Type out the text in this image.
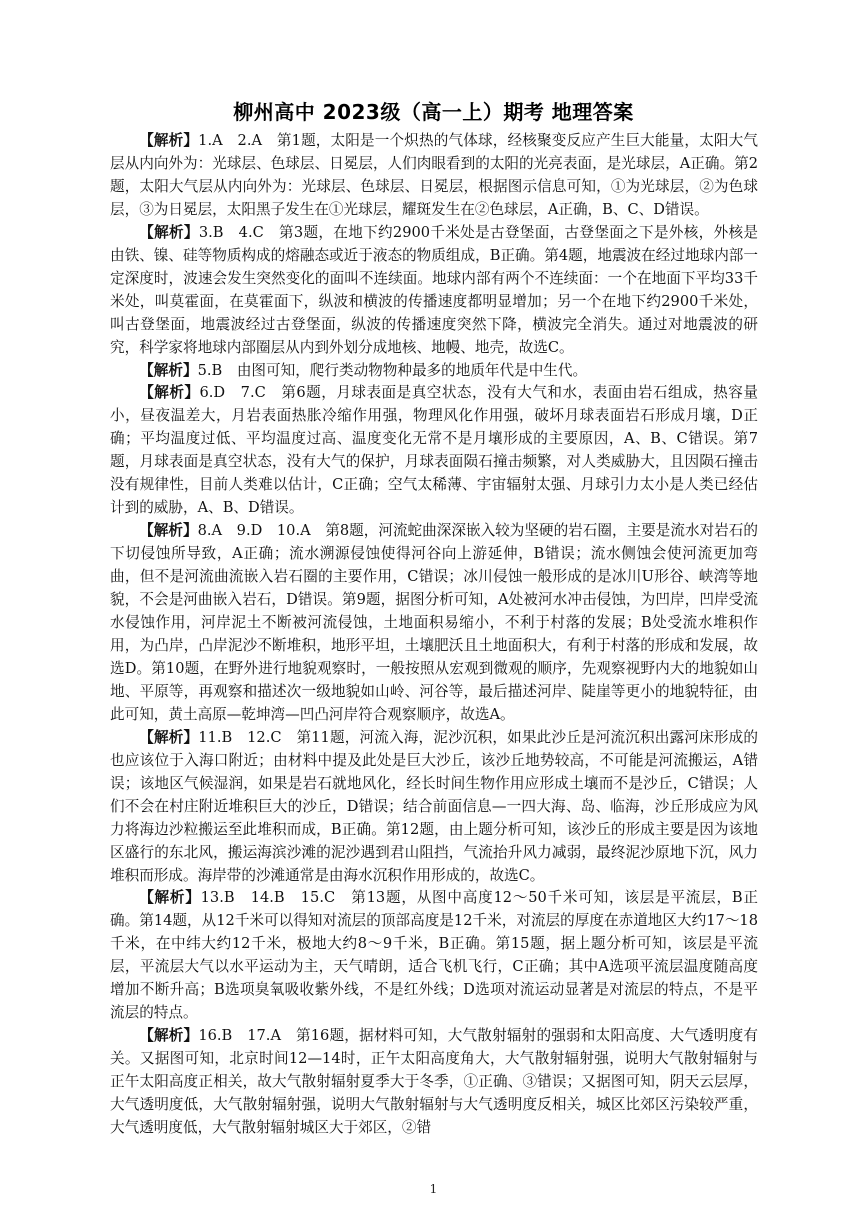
柳州高中 2023级（高一上）期考 地理答案

【解析】1.A　2.A　第1题，太阳是一个炽热的气体球，经核聚变反应产生巨大能量，太阳大气层从内向外为：光球层、色球层、日冕层，人们肉眼看到的太阳的光亮表面，是光球层，A正确。第2题，太阳大气层从内向外为：光球层、色球层、日冕层，根据图示信息可知，①为光球层，②为色球层，③为日冕层，太阳黑子发生在①光球层，耀斑发生在②色球层，A正确，B、C、D错误。

【解析】3.B　4.C　第3题，在地下约2900千米处是古登堡面，古登堡面之下是外核，外核是由铁、镍、硅等物质构成的熔融态或近于液态的物质组成，B正确。第4题，地震波在经过地球内部一定深度时，波速会发生突然变化的面叫不连续面。地球内部有两个不连续面：一个在地面下平均33千米处，叫莫霍面，在莫霍面下，纵波和横波的传播速度都明显增加；另一个在地下约2900千米处，叫古登堡面，地震波经过古登堡面，纵波的传播速度突然下降，横波完全消失。通过对地震波的研究，科学家将地球内部圈层从内到外划分成地核、地幔、地壳，故选C。

【解析】5.B　由图可知，爬行类动物物种最多的地质年代是中生代。

【解析】6.D　7.C　第6题，月球表面是真空状态，没有大气和水，表面由岩石组成，热容量小，昼夜温差大，月岩表面热胀冷缩作用强，物理风化作用强，破坏月球表面岩石形成月壤，D正确；平均温度过低、平均温度过高、温度变化无常不是月壤形成的主要原因，A、B、C错误。第7题，月球表面是真空状态，没有大气的保护，月球表面陨石撞击频繁，对人类威胁大，且因陨石撞击没有规律性，目前人类难以估计，C正确；空气太稀薄、宇宙辐射太强、月球引力太小是人类已经估计到的威胁，A、B、D错误。

【解析】8.A　9.D　10.A　第8题，河流蛇曲深深嵌入较为坚硬的岩石圈，主要是流水对岩石的下切侵蚀所导致，A正确；流水溯源侵蚀使得河谷向上游延伸，B错误；流水侧蚀会使河流更加弯曲，但不是河流曲流嵌入岩石圈的主要作用，C错误；冰川侵蚀一般形成的是冰川U形谷、峡湾等地貌，不会是河曲嵌入岩石，D错误。第9题，据图分析可知，A处被河水冲击侵蚀，为凹岸，凹岸受流水侵蚀作用，河岸泥土不断被河流侵蚀，土地面积易缩小，不利于村落的发展；B处受流水堆积作用，为凸岸，凸岸泥沙不断堆积，地形平坦，土壤肥沃且土地面积大，有利于村落的形成和发展，故选D。第10题，在野外进行地貌观察时，一般按照从宏观到微观的顺序，先观察视野内大的地貌如山地、平原等，再观察和描述次一级地貌如山岭、河谷等，最后描述河岸、陡崖等更小的地貌特征，由此可知，黄土高原—乾坤湾—凹凸河岸符合观察顺序，故选A。

【解析】11.B　12.C　第11题，河流入海，泥沙沉积，如果此沙丘是河流沉积出露河床形成的也应该位于入海口附近；由材料中提及此处是巨大沙丘，该沙丘地势较高，不可能是河流搬运，A错误；该地区气候湿润，如果是岩石就地风化，经长时间生物作用应形成土壤而不是沙丘，C错误；人们不会在村庄附近堆积巨大的沙丘，D错误；结合前面信息—一四大海、岛、临海，沙丘形成应为风力将海边沙粒搬运至此堆积而成，B正确。第12题，由上题分析可知，该沙丘的形成主要是因为该地区盛行的东北风，搬运海滨沙滩的泥沙遇到君山阻挡，气流抬升风力减弱，最终泥沙原地下沉，风力堆积而形成。海岸带的沙滩通常是由海水沉积作用形成的，故选C。

【解析】13.B　14.B　15.C　第13题，从图中高度12～50千米可知，该层是平流层，B正确。第14题，从12千米可以得知对流层的顶部高度是12千米，对流层的厚度在赤道地区大约17～18千米，在中纬大约12千米，极地大约8～9千米，B正确。第15题，据上题分析可知，该层是平流层，平流层大气以水平运动为主，天气晴朗，适合飞机飞行，C正确；其中A选项平流层温度随高度增加不断升高；B选项臭氧吸收紫外线，不是红外线；D选项对流运动显著是对流层的特点，不是平流层的特点。

【解析】16.B　17.A　第16题，据材料可知，大气散射辐射的强弱和太阳高度、大气透明度有关。又据图可知，北京时间12—14时，正午太阳高度角大，大气散射辐射强，说明大气散射辐射与正午太阳高度正相关，故大气散射辐射夏季大于冬季，①正确、③错误；又据图可知，阴天云层厚，大气透明度低，大气散射辐射强，说明大气散射辐射与大气透明度反相关，城区比郊区污染较严重，大气透明度低，大气散射辐射城区大于郊区，②错

1
